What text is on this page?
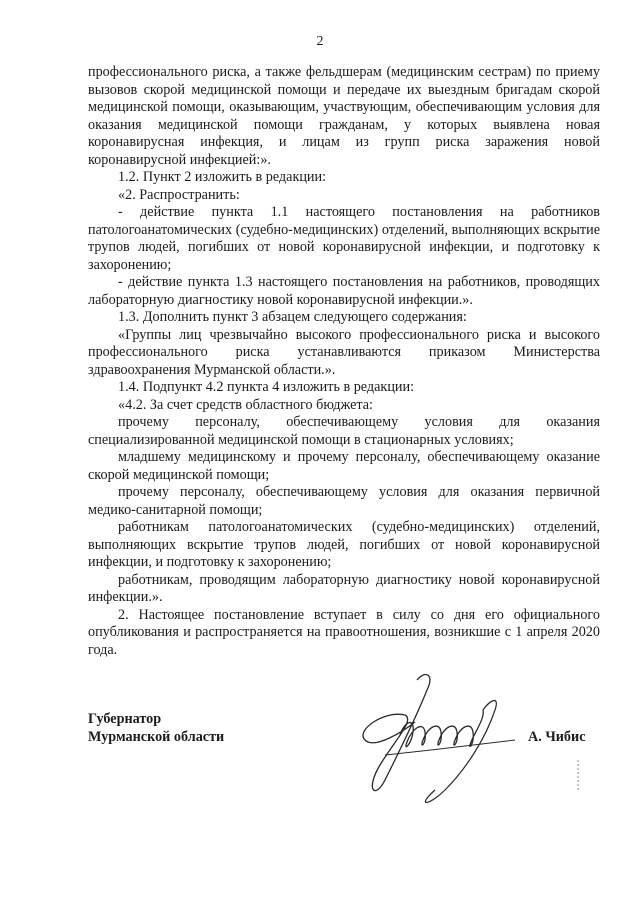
2

профессионального риска, а также фельдшерам (медицинским сестрам) по приему вызовов скорой медицинской помощи и передаче их выездным бригадам скорой медицинской помощи, оказывающим, участвующим, обеспечивающим условия для оказания медицинской помощи гражданам, у которых выявлена новая коронавирусная инфекция, и лицам из групп риска заражения новой коронавирусной инфекцией:».

1.2. Пункт 2 изложить в редакции:

«2. Распространить:

- действие пункта 1.1 настоящего постановления на работников патологоанатомических (судебно-медицинских) отделений, выполняющих вскрытие трупов людей, погибших от новой коронавирусной инфекции, и подготовку к захоронению;

- действие пункта 1.3 настоящего постановления на работников, проводящих лабораторную диагностику новой коронавирусной инфекции.».

1.3. Дополнить пункт 3 абзацем следующего содержания:

«Группы лиц чрезвычайно высокого профессионального риска и высокого профессионального риска устанавливаются приказом Министерства здравоохранения Мурманской области.».

1.4. Подпункт 4.2 пункта 4 изложить в редакции:

«4.2. За счет средств областного бюджета:

прочему персоналу, обеспечивающему условия для оказания специализированной медицинской помощи в стационарных условиях;

младшему медицинскому и прочему персоналу, обеспечивающему оказание скорой медицинской помощи;

прочему персоналу, обеспечивающему условия для оказания первичной медико-санитарной помощи;

работникам патологоанатомических (судебно-медицинских) отделений, выполняющих вскрытие трупов людей, погибших от новой коронавирусной инфекции, и подготовку к захоронению;

работникам, проводящим лабораторную диагностику новой коронавирусной инфекции.».

2. Настоящее постановление вступает в силу со дня его официального опубликования и распространяется на правоотношения, возникшие с 1 апреля 2020 года.

Губернатор
Мурманской области	А. Чибис
